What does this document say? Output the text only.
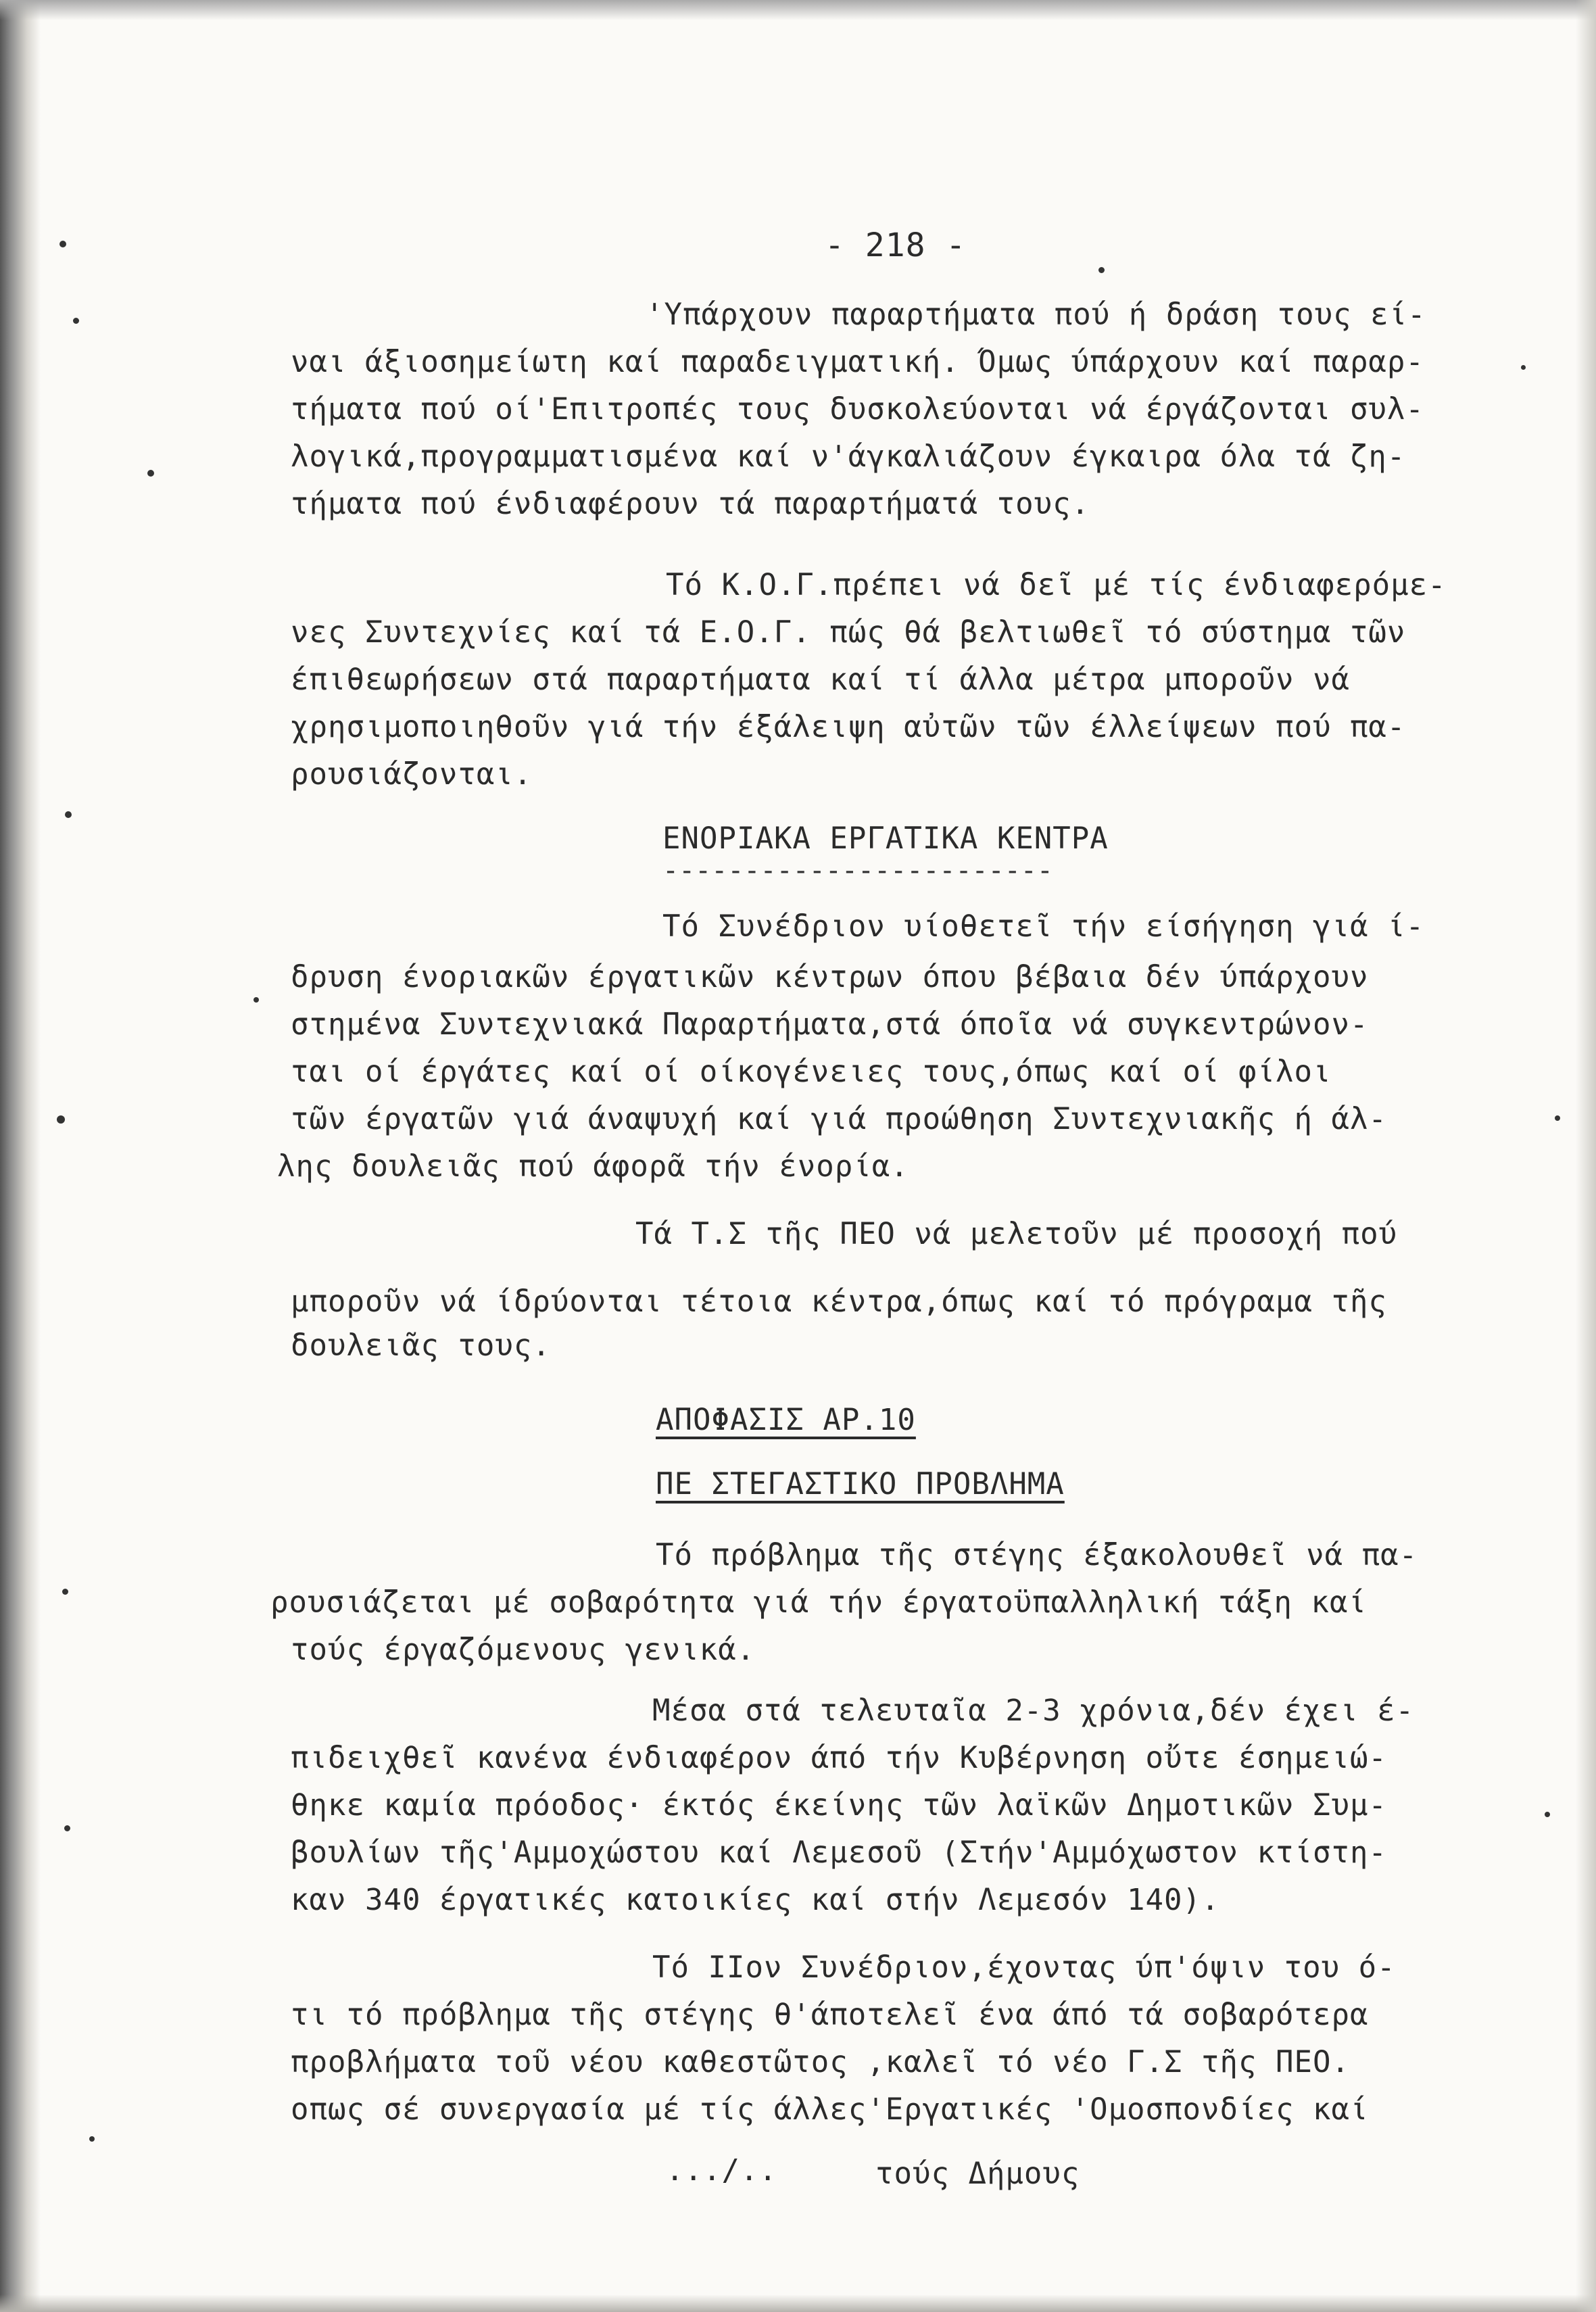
- 218 -
'Υπάρχουν παραρτήματα πού ή δράση τους εί-
ναι άξιοσημείωτη καί παραδειγματική. Όμως ύπάρχουν καί παραρ-
τήματα πού οί'Επιτροπές τους δυσκολεύονται νά έργάζονται συλ-
λογικά,προγραμματισμένα καί ν'άγκαλιάζουν έγκαιρα όλα τά ζη-
τήματα πού ένδιαφέρουν τά παραρτήματά τους.
Τό Κ.Ο.Γ.πρέπει νά δεῖ μέ τίς ένδιαφερόμε-
νες Συντεχνίες καί τά Ε.Ο.Γ. πώς θά βελτιωθεῖ τό σύστημα τῶν
έπιθεωρήσεων στά παραρτήματα καί τί άλλα μέτρα μποροῦν νά
χρησιμοποιηθοῦν γιά τήν έξάλειψη αὐτῶν τῶν έλλείψεων πού πα-
ρουσιάζονται.
ΕΝΟΡΙΑΚΑ ΕΡΓΑΤΙΚΑ ΚΕΝΤΡΑ
------------------------
Τό Συνέδριον υίοθετεῖ τήν είσήγηση γιά ί-
δρυση ένοριακῶν έργατικῶν κέντρων όπου βέβαια δέν ύπάρχουν
στημένα Συντεχνιακά Παραρτήματα,στά όποῖα νά συγκεντρώνον-
ται οί έργάτες καί οί οίκογένειες τους,όπως καί οί φίλοι
τῶν έργατῶν γιά άναψυχή καί γιά προώθηση Συντεχνιακῆς ή άλ-
λης δουλειᾶς πού άφορᾶ τήν ένορία.
Τά Τ.Σ τῆς ΠΕΟ νά μελετοῦν μέ προσοχή πού
μποροῦν νά ίδρύονται τέτοια κέντρα,όπως καί τό πρόγραμα τῆς
δουλειᾶς τους.
ΑΠΟΦΑΣΙΣ ΑΡ.10
ΠΕ ΣΤΕΓΑΣΤΙΚΟ ΠΡΟΒΛΗΜΑ
Τό πρόβλημα τῆς στέγης έξακολουθεῖ νά πα-
ρουσιάζεται μέ σοβαρότητα γιά τήν έργατοϋπαλληλική τάξη καί
τούς έργαζόμενους γενικά.
Μέσα στά τελευταῖα 2-3 χρόνια,δέν έχει έ-
πιδειχθεῖ κανένα ένδιαφέρον άπό τήν Κυβέρνηση οὔτε έσημειώ-
θηκε καμία πρόοδος· έκτός έκείνης τῶν λαϊκῶν Δημοτικῶν Συμ-
βουλίων τῆς'Αμμοχώστου καί Λεμεσοῦ (Στήν'Αμμόχωστον κτίστη-
καν 340 έργατικές κατοικίες καί στήν Λεμεσόν 140).
Τό ΙΙον Συνέδριον,έχοντας ύπ'όψιν του ό-
τι τό πρόβλημα τῆς στέγης θ'άποτελεῖ ένα άπό τά σοβαρότερα
προβλήματα τοῦ νέου καθεστῶτος ,καλεῖ τό νέο Γ.Σ τῆς ΠΕΟ.
οπως σέ συνεργασία μέ τίς άλλες'Εργατικές 'Ομοσπονδίες καί
.../..	τούς Δήμους
